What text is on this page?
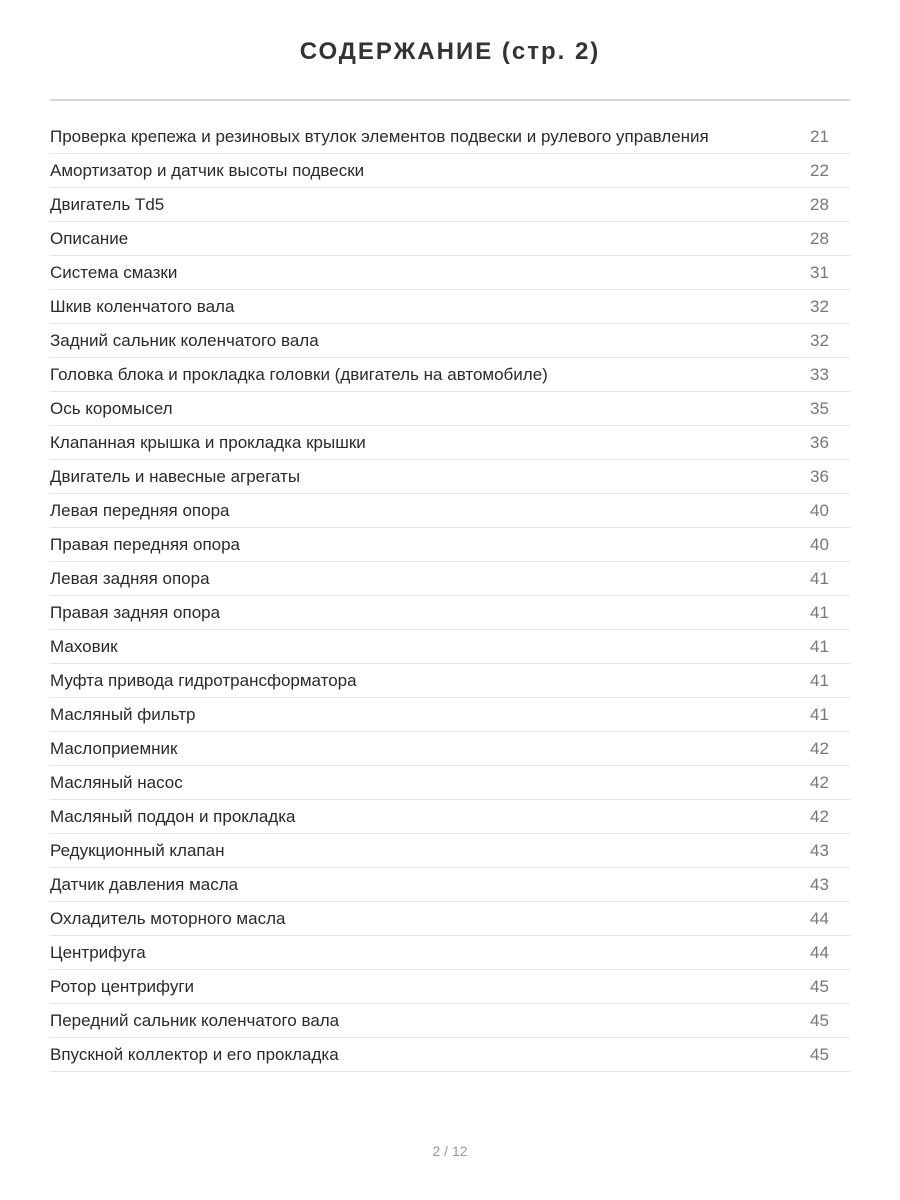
СОДЕРЖАНИЕ (стр. 2)
Проверка крепежа и резиновых втулок элементов подвески и рулевого управления	21
Амортизатор и датчик высоты подвески	22
Двигатель Td5	28
Описание	28
Система смазки	31
Шкив коленчатого вала	32
Задний сальник коленчатого вала	32
Головка блока и прокладка головки (двигатель на автомобиле)	33
Ось коромысел	35
Клапанная крышка и прокладка крышки	36
Двигатель и навесные агрегаты	36
Левая передняя опора	40
Правая передняя опора	40
Левая задняя опора	41
Правая задняя опора	41
Маховик	41
Муфта привода гидротрансформатора	41
Масляный фильтр	41
Маслоприемник	42
Масляный насос	42
Масляный поддон и прокладка	42
Редукционный клапан	43
Датчик давления масла	43
Охладитель моторного масла	44
Центрифуга	44
Ротор центрифуги	45
Передний сальник коленчатого вала	45
Впускной коллектор и его прокладка	45
2 / 12
